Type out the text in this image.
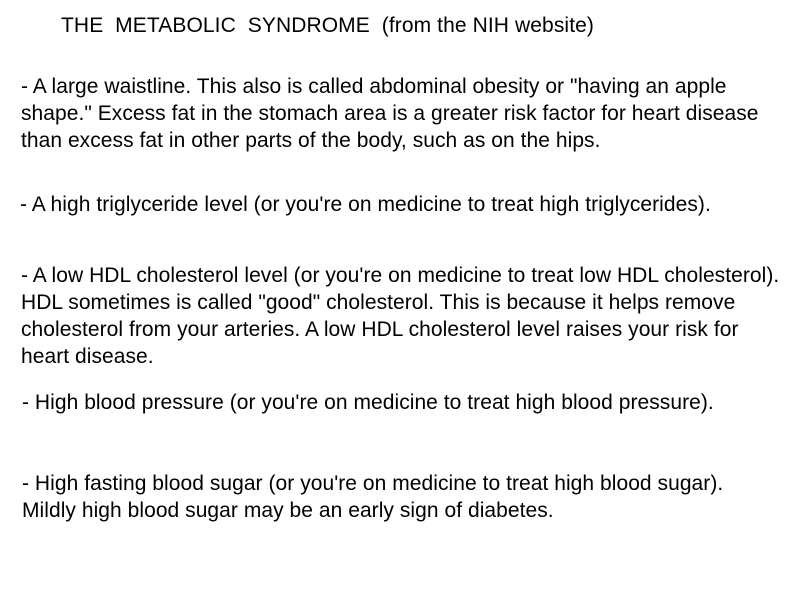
THE  METABOLIC  SYNDROME  (from the NIH website)

- A large waistline. This also is called abdominal obesity or "having an apple shape." Excess fat in the stomach area is a greater risk factor for heart disease than excess fat in other parts of the body, such as on the hips.

- A high triglyceride level (or you're on medicine to treat high triglycerides).

- A low HDL cholesterol level (or you're on medicine to treat low HDL cholesterol). HDL sometimes is called "good" cholesterol. This is because it helps remove cholesterol from your arteries. A low HDL cholesterol level raises your risk for heart disease.

- High blood pressure (or you're on medicine to treat high blood pressure).

- High fasting blood sugar (or you're on medicine to treat high blood sugar). Mildly high blood sugar may be an early sign of diabetes.
